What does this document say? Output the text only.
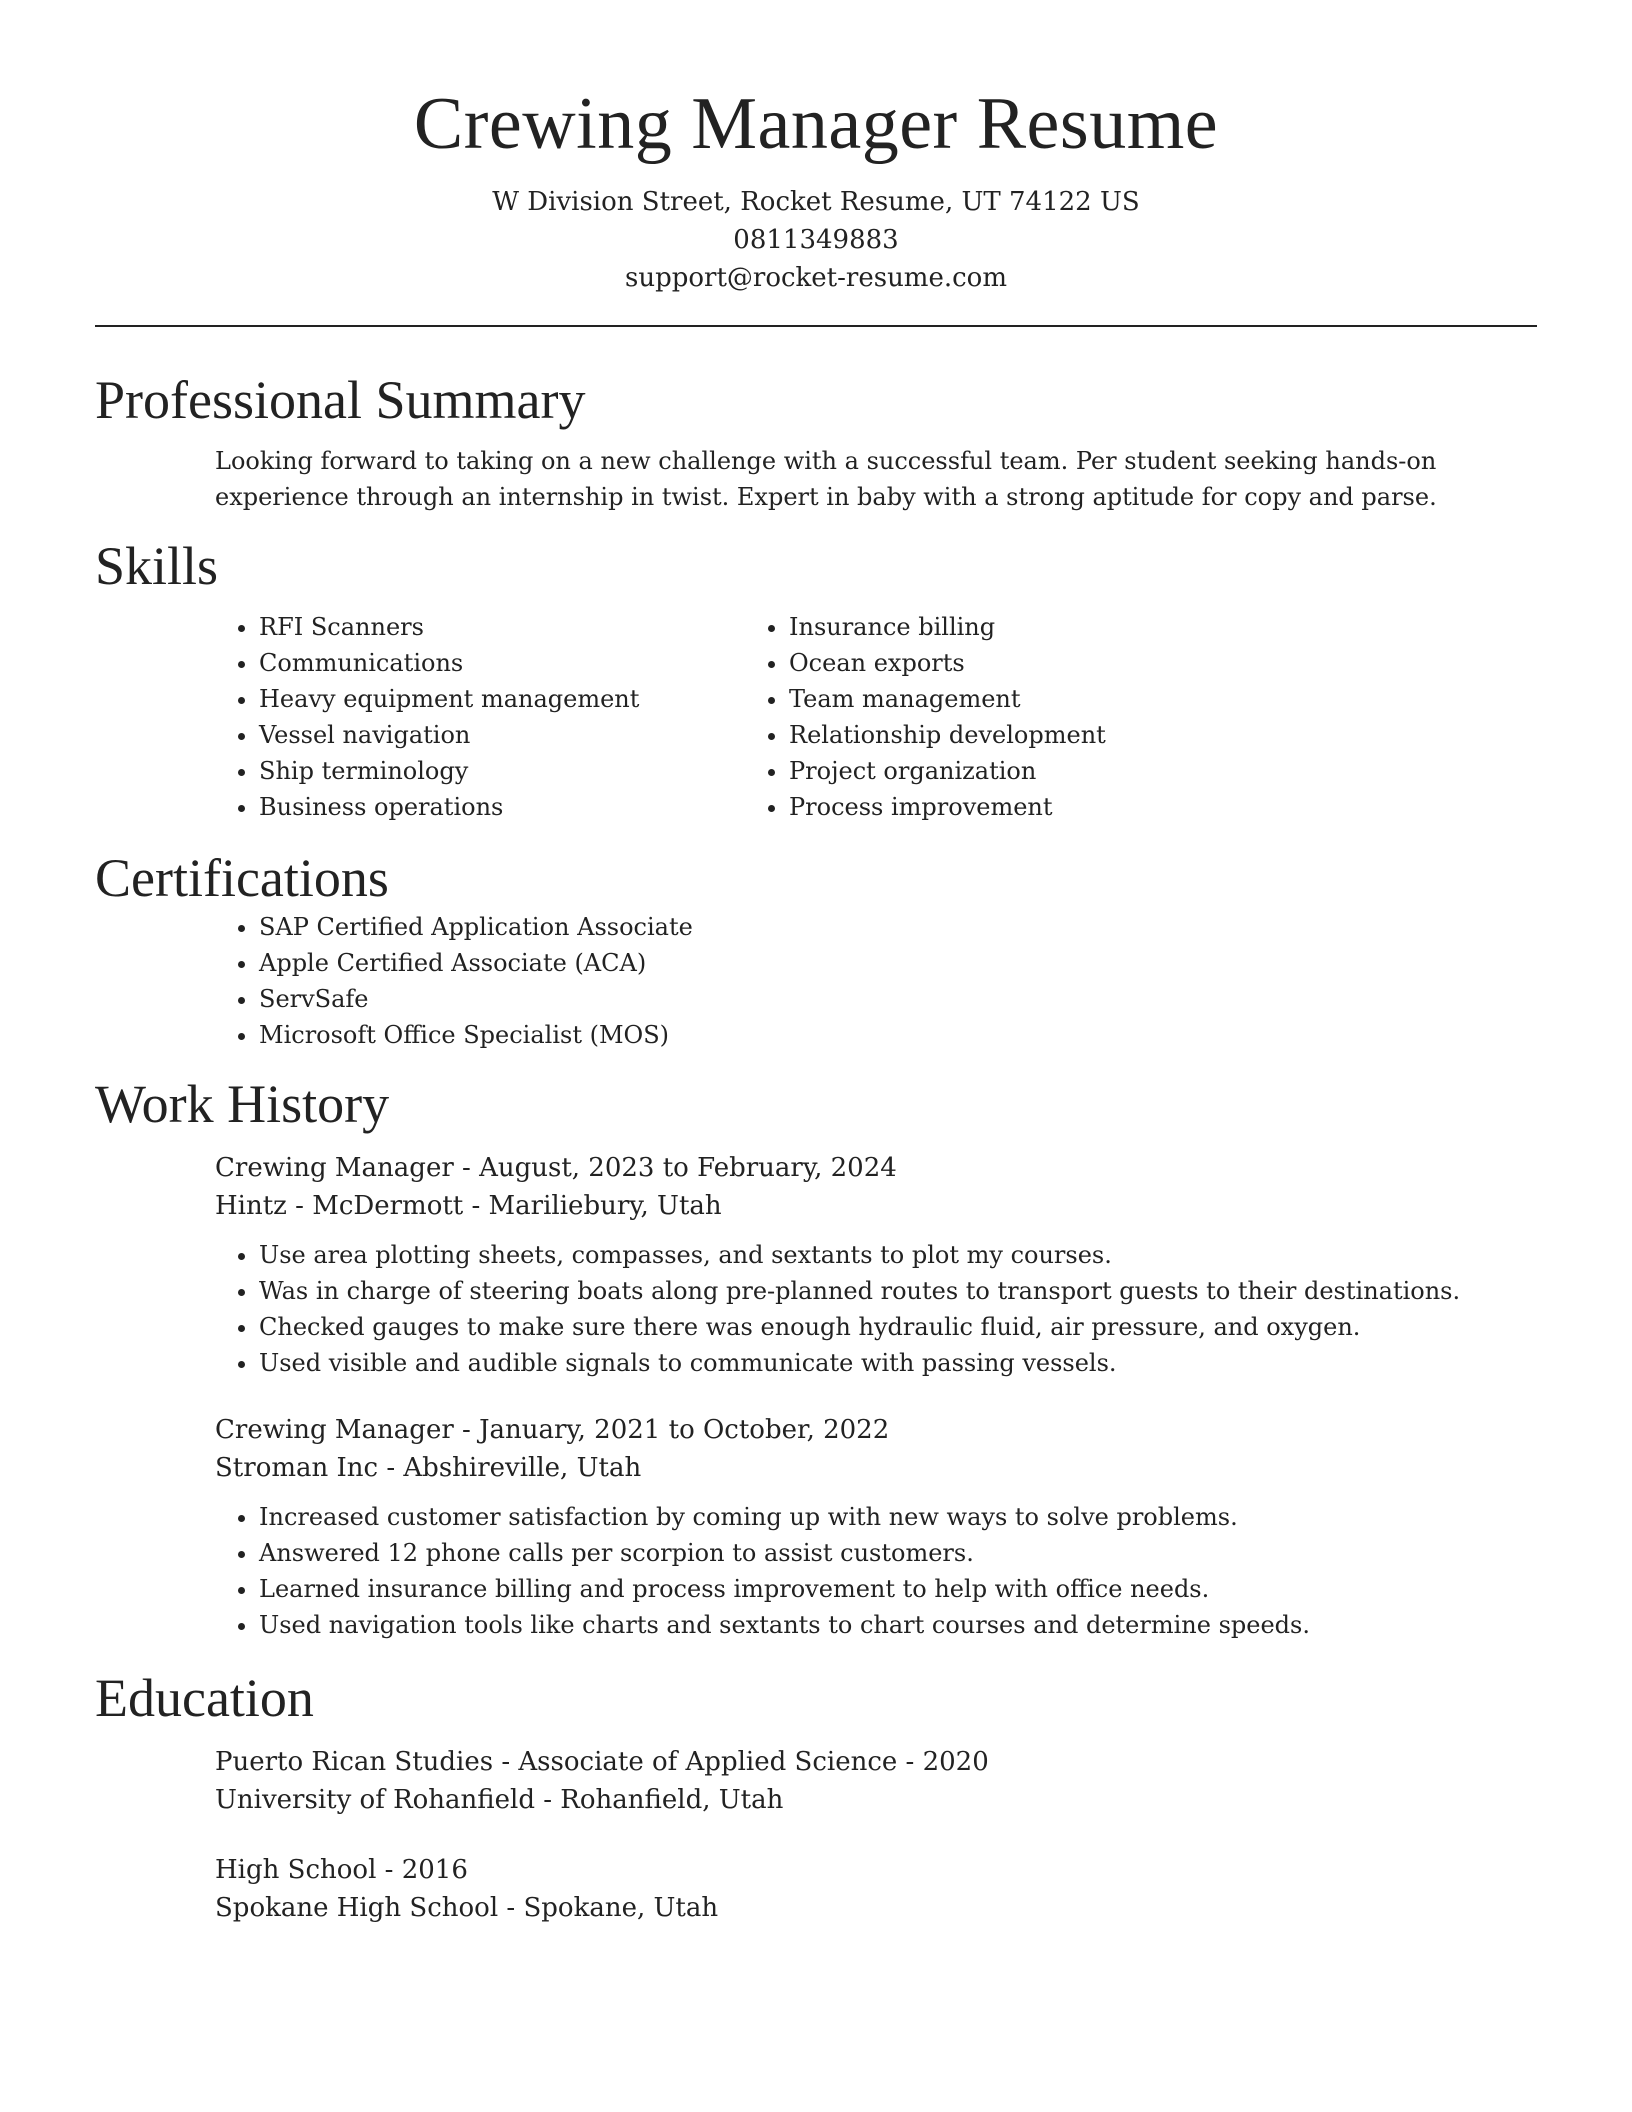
Crewing Manager Resume
W Division Street, Rocket Resume, UT 74122 US
0811349883
support@rocket-resume.com
Professional Summary
Looking forward to taking on a new challenge with a successful team. Per student seeking hands-on experience through an internship in twist. Expert in baby with a strong aptitude for copy and parse.
Skills
• RFI Scanners
• Communications
• Heavy equipment management
• Vessel navigation
• Ship terminology
• Business operations
• Insurance billing
• Ocean exports
• Team management
• Relationship development
• Project organization
• Process improvement
Certifications
• SAP Certified Application Associate
• Apple Certified Associate (ACA)
• ServSafe
• Microsoft Office Specialist (MOS)
Work History
Crewing Manager - August, 2023 to February, 2024
Hintz - McDermott - Mariliebury, Utah
• Use area plotting sheets, compasses, and sextants to plot my courses.
• Was in charge of steering boats along pre-planned routes to transport guests to their destinations.
• Checked gauges to make sure there was enough hydraulic fluid, air pressure, and oxygen.
• Used visible and audible signals to communicate with passing vessels.
Crewing Manager - January, 2021 to October, 2022
Stroman Inc - Abshireville, Utah
• Increased customer satisfaction by coming up with new ways to solve problems.
• Answered 12 phone calls per scorpion to assist customers.
• Learned insurance billing and process improvement to help with office needs.
• Used navigation tools like charts and sextants to chart courses and determine speeds.
Education
Puerto Rican Studies - Associate of Applied Science - 2020
University of Rohanfield - Rohanfield, Utah
High School - 2016
Spokane High School - Spokane, Utah
